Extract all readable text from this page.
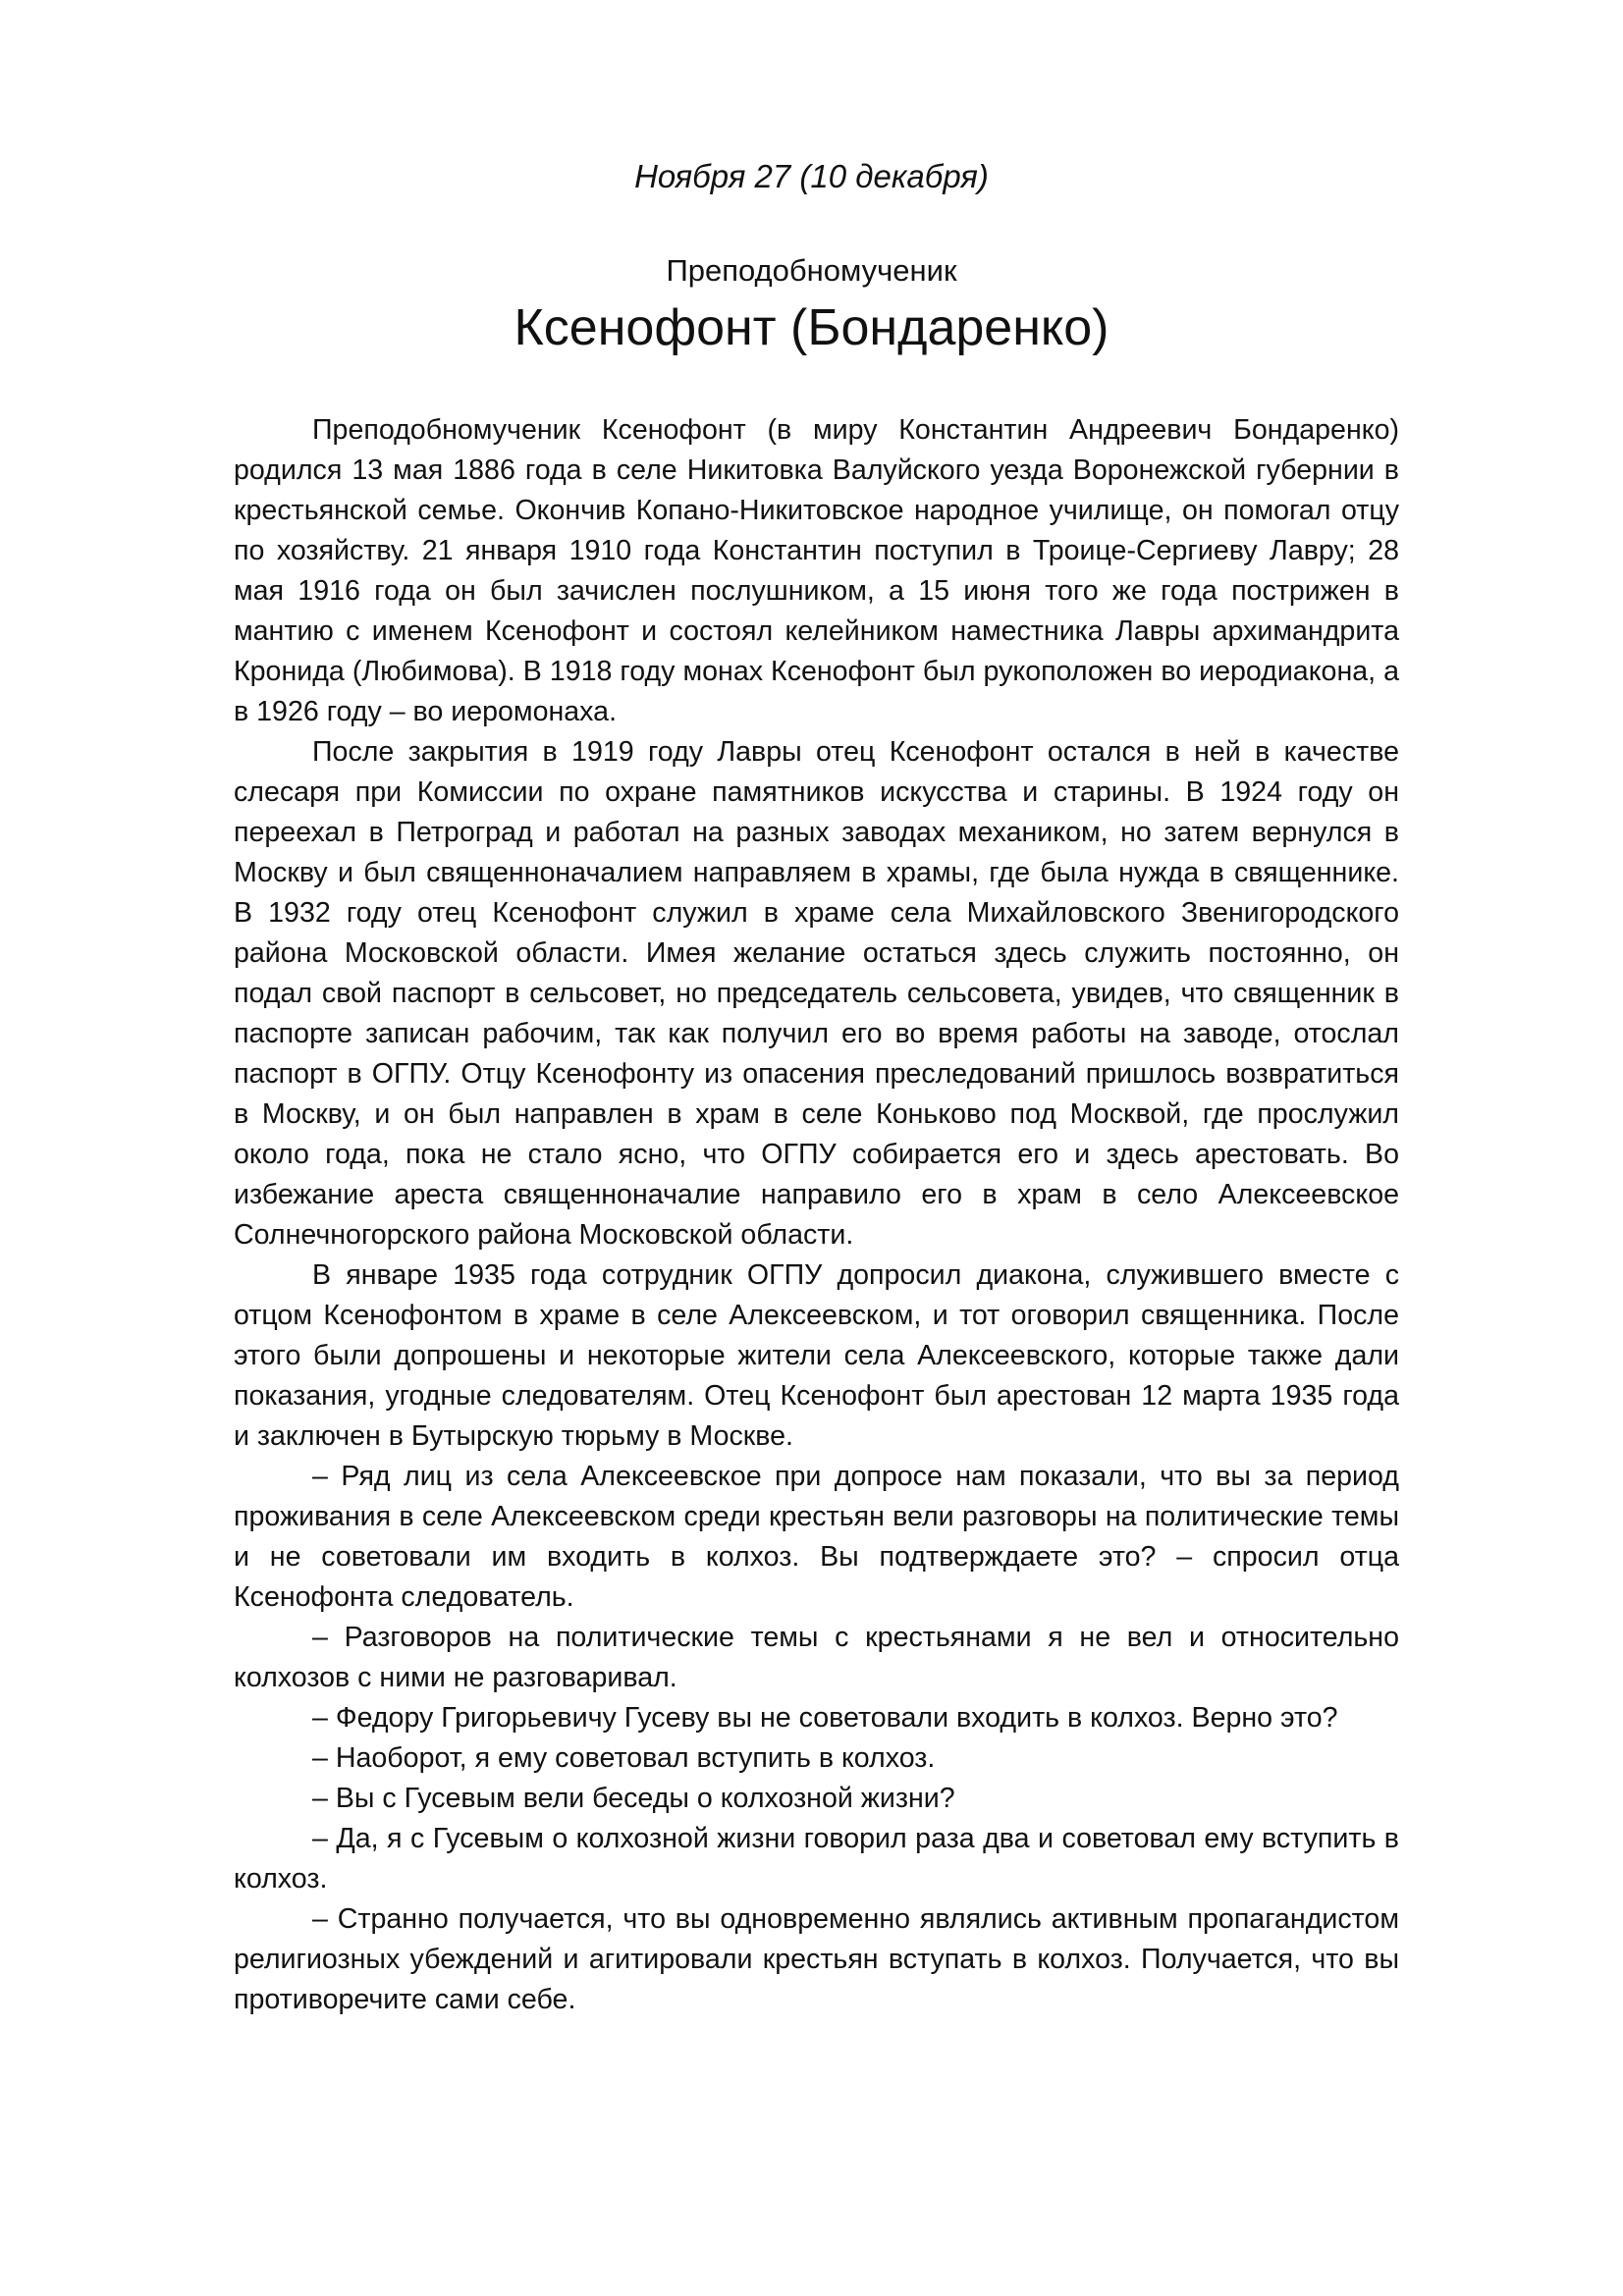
Ноября 27 (10 декабря)
Преподобномученик
Ксенофонт (Бондаренко)

Преподобномученик Ксенофонт (в миру Константин Андреевич Бондаренко) родился 13 мая 1886 года в селе Никитовка Валуйского уезда Воронежской губернии в крестьянской семье. Окончив Копано-Никитовское народное училище, он помогал отцу по хозяйству. 21 января 1910 года Константин поступил в Троице-Сергиеву Лавру; 28 мая 1916 года он был зачислен послушником, а 15 июня того же года пострижен в мантию с именем Ксенофонт и состоял келейником наместника Лавры архимандрита Кронида (Любимова). В 1918 году монах Ксенофонт был рукоположен во иеродиакона, а в 1926 году – во иеромонаха.

После закрытия в 1919 году Лавры отец Ксенофонт остался в ней в качестве слесаря при Комиссии по охране памятников искусства и старины. В 1924 году он переехал в Петроград и работал на разных заводах механиком, но затем вернулся в Москву и был священноначалием направляем в храмы, где была нужда в священнике. В 1932 году отец Ксенофонт служил в храме села Михайловского Звенигородского района Московской области. Имея желание остаться здесь служить постоянно, он подал свой паспорт в сельсовет, но председатель сельсовета, увидев, что священник в паспорте записан рабочим, так как получил его во время работы на заводе, отослал паспорт в ОГПУ. Отцу Ксенофонту из опасения преследований пришлось возвратиться в Москву, и он был направлен в храм в селе Коньково под Москвой, где прослужил около года, пока не стало ясно, что ОГПУ собирается его и здесь арестовать. Во избежание ареста священноначалие направило его в храм в село Алексеевское Солнечногорского района Московской области.

В январе 1935 года сотрудник ОГПУ допросил диакона, служившего вместе с отцом Ксенофонтом в храме в селе Алексеевском, и тот оговорил священника. После этого были допрошены и некоторые жители села Алексеевского, которые также дали показания, угодные следователям. Отец Ксенофонт был арестован 12 марта 1935 года и заключен в Бутырскую тюрьму в Москве.

– Ряд лиц из села Алексеевское при допросе нам показали, что вы за период проживания в селе Алексеевском среди крестьян вели разговоры на политические темы и не советовали им входить в колхоз. Вы подтверждаете это? – спросил отца Ксенофонта следователь.

– Разговоров на политические темы с крестьянами я не вел и относительно колхозов с ними не разговаривал.

– Федору Григорьевичу Гусеву вы не советовали входить в колхоз. Верно это?

– Наоборот, я ему советовал вступить в колхоз.

– Вы с Гусевым вели беседы о колхозной жизни?

– Да, я с Гусевым о колхозной жизни говорил раза два и советовал ему вступить в колхоз.

– Странно получается, что вы одновременно являлись активным пропагандистом религиозных убеждений и агитировали крестьян вступать в колхоз. Получается, что вы противоречите сами себе.
